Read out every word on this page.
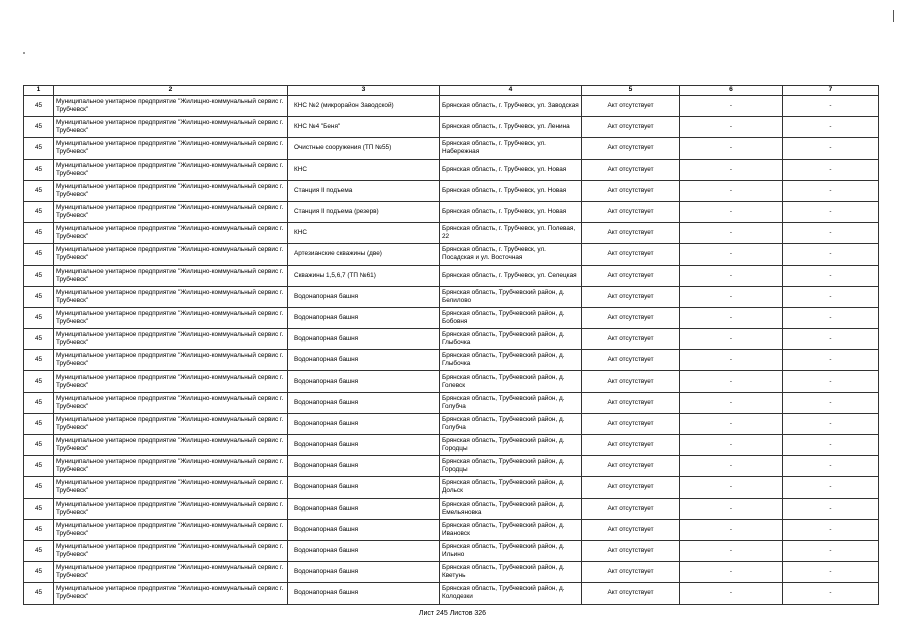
1	2	3	4	5	6	7
45	Муниципальное унитарное предприятие "Жилищно-коммунальный сервис г. Трубчевск"	КНС №2 (микрорайон Заводской)	Брянская область, г. Трубчевск, ул. Заводская	Акт отсутствует	-	-
45	Муниципальное унитарное предприятие "Жилищно-коммунальный сервис г. Трубчевск"	КНС №4 "Беня"	Брянская область, г. Трубчевск, ул. Ленина	Акт отсутствует	-	-
45	Муниципальное унитарное предприятие "Жилищно-коммунальный сервис г. Трубчевск"	Очистные сооружения (ТП №55)	Брянская область, г. Трубчевск, ул. Набережная	Акт отсутствует	-	-
45	Муниципальное унитарное предприятие "Жилищно-коммунальный сервис г. Трубчевск"	КНС	Брянская область, г. Трубчевск, ул. Новая	Акт отсутствует	-	-
45	Муниципальное унитарное предприятие "Жилищно-коммунальный сервис г. Трубчевск"	Станция II подъема	Брянская область, г. Трубчевск, ул. Новая	Акт отсутствует	-	-
45	Муниципальное унитарное предприятие "Жилищно-коммунальный сервис г. Трубчевск"	Станция II подъема (резерв)	Брянская область, г. Трубчевск, ул. Новая	Акт отсутствует	-	-
45	Муниципальное унитарное предприятие "Жилищно-коммунальный сервис г. Трубчевск"	КНС	Брянская область, г. Трубчевск, ул. Полевая, 22	Акт отсутствует	-	-
45	Муниципальное унитарное предприятие "Жилищно-коммунальный сервис г. Трубчевск"	Артезианские скважины (две)	Брянская область, г. Трубчевск, ул. Посадская и ул. Восточная	Акт отсутствует	-	-
45	Муниципальное унитарное предприятие "Жилищно-коммунальный сервис г. Трубчевск"	Скважины 1,5,6,7 (ТП №61)	Брянская область, г. Трубчевск, ул. Селецкая	Акт отсутствует	-	-
45	Муниципальное унитарное предприятие "Жилищно-коммунальный сервис г. Трубчевск"	Водонапорная башня	Брянская область, Трубчевский район, д. Белилово	Акт отсутствует	-	-
45	Муниципальное унитарное предприятие "Жилищно-коммунальный сервис г. Трубчевск"	Водонапорная башня	Брянская область, Трубчевский район, д. Бобовня	Акт отсутствует	-	-
45	Муниципальное унитарное предприятие "Жилищно-коммунальный сервис г. Трубчевск"	Водонапорная башня	Брянская область, Трубчевский район, д. Глыбочка	Акт отсутствует	-	-
45	Муниципальное унитарное предприятие "Жилищно-коммунальный сервис г. Трубчевск"	Водонапорная башня	Брянская область, Трубчевский район, д. Глыбочка	Акт отсутствует	-	-
45	Муниципальное унитарное предприятие "Жилищно-коммунальный сервис г. Трубчевск"	Водонапорная башня	Брянская область, Трубчевский район, д. Голевск	Акт отсутствует	-	-
45	Муниципальное унитарное предприятие "Жилищно-коммунальный сервис г. Трубчевск"	Водонапорная башня	Брянская область, Трубчевский район, д. Голубча	Акт отсутствует	-	-
45	Муниципальное унитарное предприятие "Жилищно-коммунальный сервис г. Трубчевск"	Водонапорная башня	Брянская область, Трубчевский район, д. Голубча	Акт отсутствует	-	-
45	Муниципальное унитарное предприятие "Жилищно-коммунальный сервис г. Трубчевск"	Водонапорная башня	Брянская область, Трубчевский район, д. Городцы	Акт отсутствует	-	-
45	Муниципальное унитарное предприятие "Жилищно-коммунальный сервис г. Трубчевск"	Водонапорная башня	Брянская область, Трубчевский район, д. Городцы	Акт отсутствует	-	-
45	Муниципальное унитарное предприятие "Жилищно-коммунальный сервис г. Трубчевск"	Водонапорная башня	Брянская область, Трубчевский район, д. Дольск	Акт отсутствует	-	-
45	Муниципальное унитарное предприятие "Жилищно-коммунальный сервис г. Трубчевск"	Водонапорная башня	Брянская область, Трубчевский район, д. Емельяновка	Акт отсутствует	-	-
45	Муниципальное унитарное предприятие "Жилищно-коммунальный сервис г. Трубчевск"	Водонапорная башня	Брянская область, Трубчевский район, д. Ивановск	Акт отсутствует	-	-
45	Муниципальное унитарное предприятие "Жилищно-коммунальный сервис г. Трубчевск"	Водонапорная башня	Брянская область, Трубчевский район, д. Ильино	Акт отсутствует	-	-
45	Муниципальное унитарное предприятие "Жилищно-коммунальный сервис г. Трубчевск"	Водонапорная башня	Брянская область, Трубчевский район, д. Кветунь	Акт отсутствует	-	-
45	Муниципальное унитарное предприятие "Жилищно-коммунальный сервис г. Трубчевск"	Водонапорная башня	Брянская область, Трубчевский район, д. Колодезки	Акт отсутствует	-	-
Лист 245 Листов 326
